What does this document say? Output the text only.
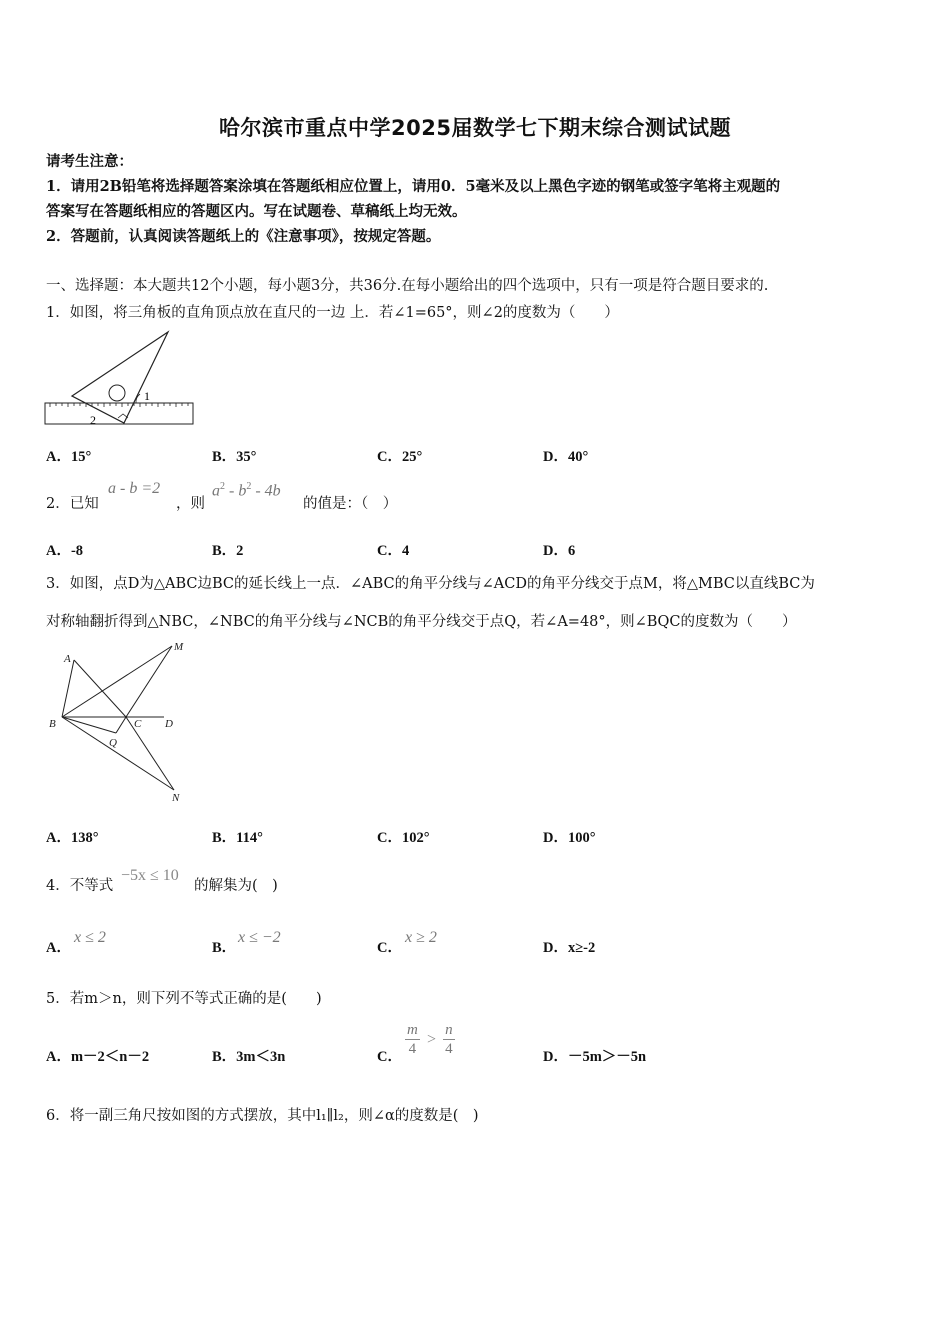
哈尔滨市重点中学2025届数学七下期末综合测试试题
请考生注意：
1．请用2B铅笔将选择题答案涂填在答题纸相应位置上，请用0．5毫米及以上黑色字迹的钢笔或签字笔将主观题的
答案写在答题纸相应的答题区内。写在试题卷、草稿纸上均无效。
2．答题前，认真阅读答题纸上的《注意事项》，按规定答题。
一、选择题：本大题共12个小题，每小题3分，共36分.在每小题给出的四个选项中，只有一项是符合题目要求的.
1．如图，将三角板的直角顶点放在直尺的一边 上．若∠1=65°，则∠2的度数为（　　）
1
2
A．15°	B．35°	C．25°	D．40°
2．已知
a - b =2
，则
$a^2 - b^2 - 4b$
的值是：（　）
A．-8	B．2	C．4	D．6
3．如图，点D为△ABC边BC的延长线上一点．∠ABC的角平分线与∠ACD的角平分线交于点M，将△MBC以直线BC为
对称轴翻折得到△NBC，∠NBC的角平分线与∠NCB的角平分线交于点Q，若∠A=48°，则∠BQC的度数为（　　）
A
M
B	C D
Q
N
A．138°	B．114°	C．102°	D．100°
4．不等式
−5x ≤ 10
的解集为(　)
A．
x ≤ 2
B．
x ≤ −2
C．
x ≥ 2
D．x≥-2
5．若m＞n，则下列不等式正确的是(　　)
A．m－2＜n－2	B．3m＜3n	C． $\frac{m}{4} > \frac{n}{4}$	D．－5m＞－5n
6．将一副三角尺按如图的方式摆放，其中l₁∥l₂，则∠α的度数是(　)
